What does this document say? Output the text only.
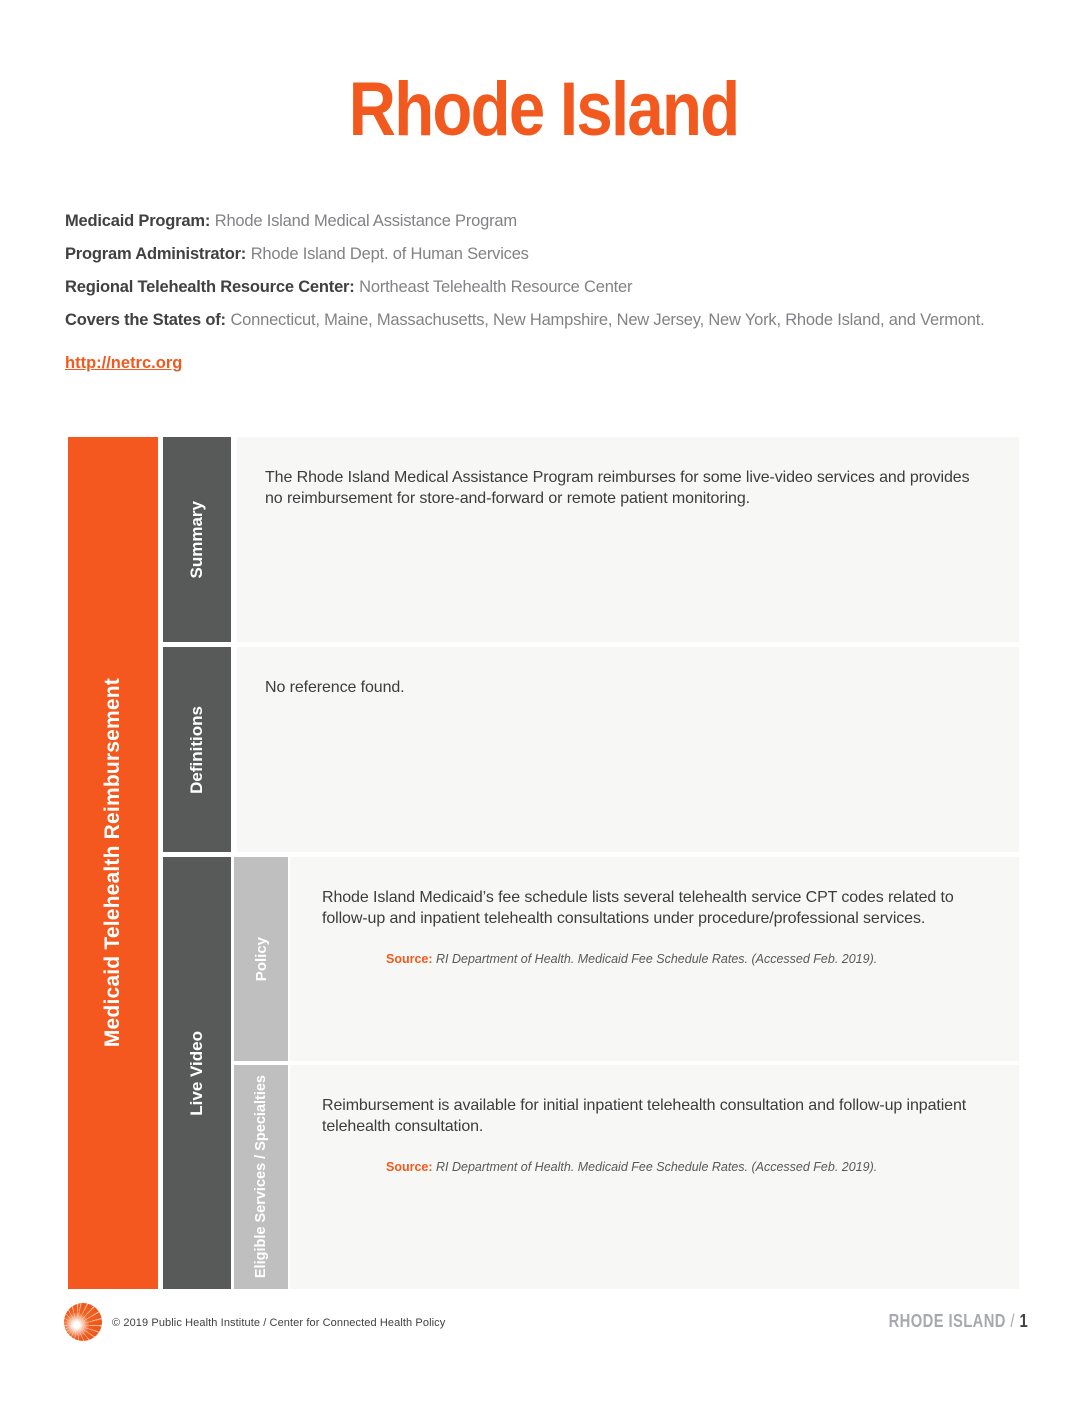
Rhode Island

Medicaid Program: Rhode Island Medical Assistance Program

Program Administrator: Rhode Island Dept. of Human Services

Regional Telehealth Resource Center: Northeast Telehealth Resource Center

Covers the States of: Connecticut, Maine, Massachusetts, New Hampshire, New Jersey, New York, Rhode Island, and Vermont.

http://netrc.org
Medicaid Telehealth Reimbursement
Summary

The Rhode Island Medical Assistance Program reimburses for some live-video services and provides no reimbursement for store-and-forward or remote patient monitoring.

Definitions

No reference found.

Live Video
Policy

Rhode Island Medicaid’s fee schedule lists several telehealth service CPT codes related to follow-up and inpatient telehealth consultations under procedure/professional services.

Source: RI Department of Health. Medicaid Fee Schedule Rates. (Accessed Feb. 2019).

Eligible Services / Specialties	Reimbursement is available for initial inpatient telehealth consultation and follow-up inpatient telehealth consultation.

Source: RI Department of Health. Medicaid Fee Schedule Rates. (Accessed Feb. 2019).

© 2019 Public Health Institute / Center for Connected Health Policy	RHODE ISLAND / 1
